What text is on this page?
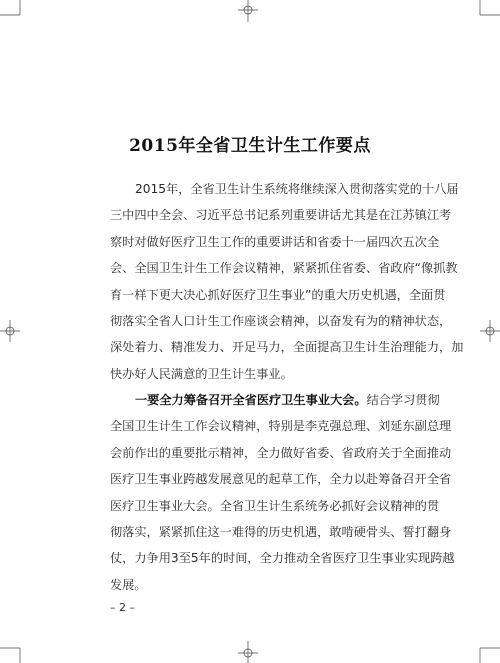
2015年全省卫生计生工作要点
2015年，全省卫生计生系统将继续深入贯彻落实党的十八届
三中四中全会、习近平总书记系列重要讲话尤其是在江苏镇江考
察时对做好医疗卫生工作的重要讲话和省委十一届四次五次全
会、全国卫生计生工作会议精神，紧紧抓住省委、省政府“像抓教
育一样下更大决心抓好医疗卫生事业”的重大历史机遇，全面贯
彻落实全省人口计生工作座谈会精神，以奋发有为的精神状态，
深处着力、精准发力、开足马力，全面提高卫生计生治理能力，加
快办好人民满意的卫生计生事业。
一要全力筹备召开全省医疗卫生事业大会。结合学习贯彻
全国卫生计生工作会议精神，特别是李克强总理、刘延东副总理
会前作出的重要批示精神，全力做好省委、省政府关于全面推动
医疗卫生事业跨越发展意见的起草工作，全力以赴筹备召开全省
医疗卫生事业大会。全省卫生计生系统务必抓好会议精神的贯
彻落实，紧紧抓住这一难得的历史机遇，敢啃硬骨头、誓打翻身
仗，力争用3至5年的时间，全力推动全省医疗卫生事业实现跨越
发展。
– 2 –
